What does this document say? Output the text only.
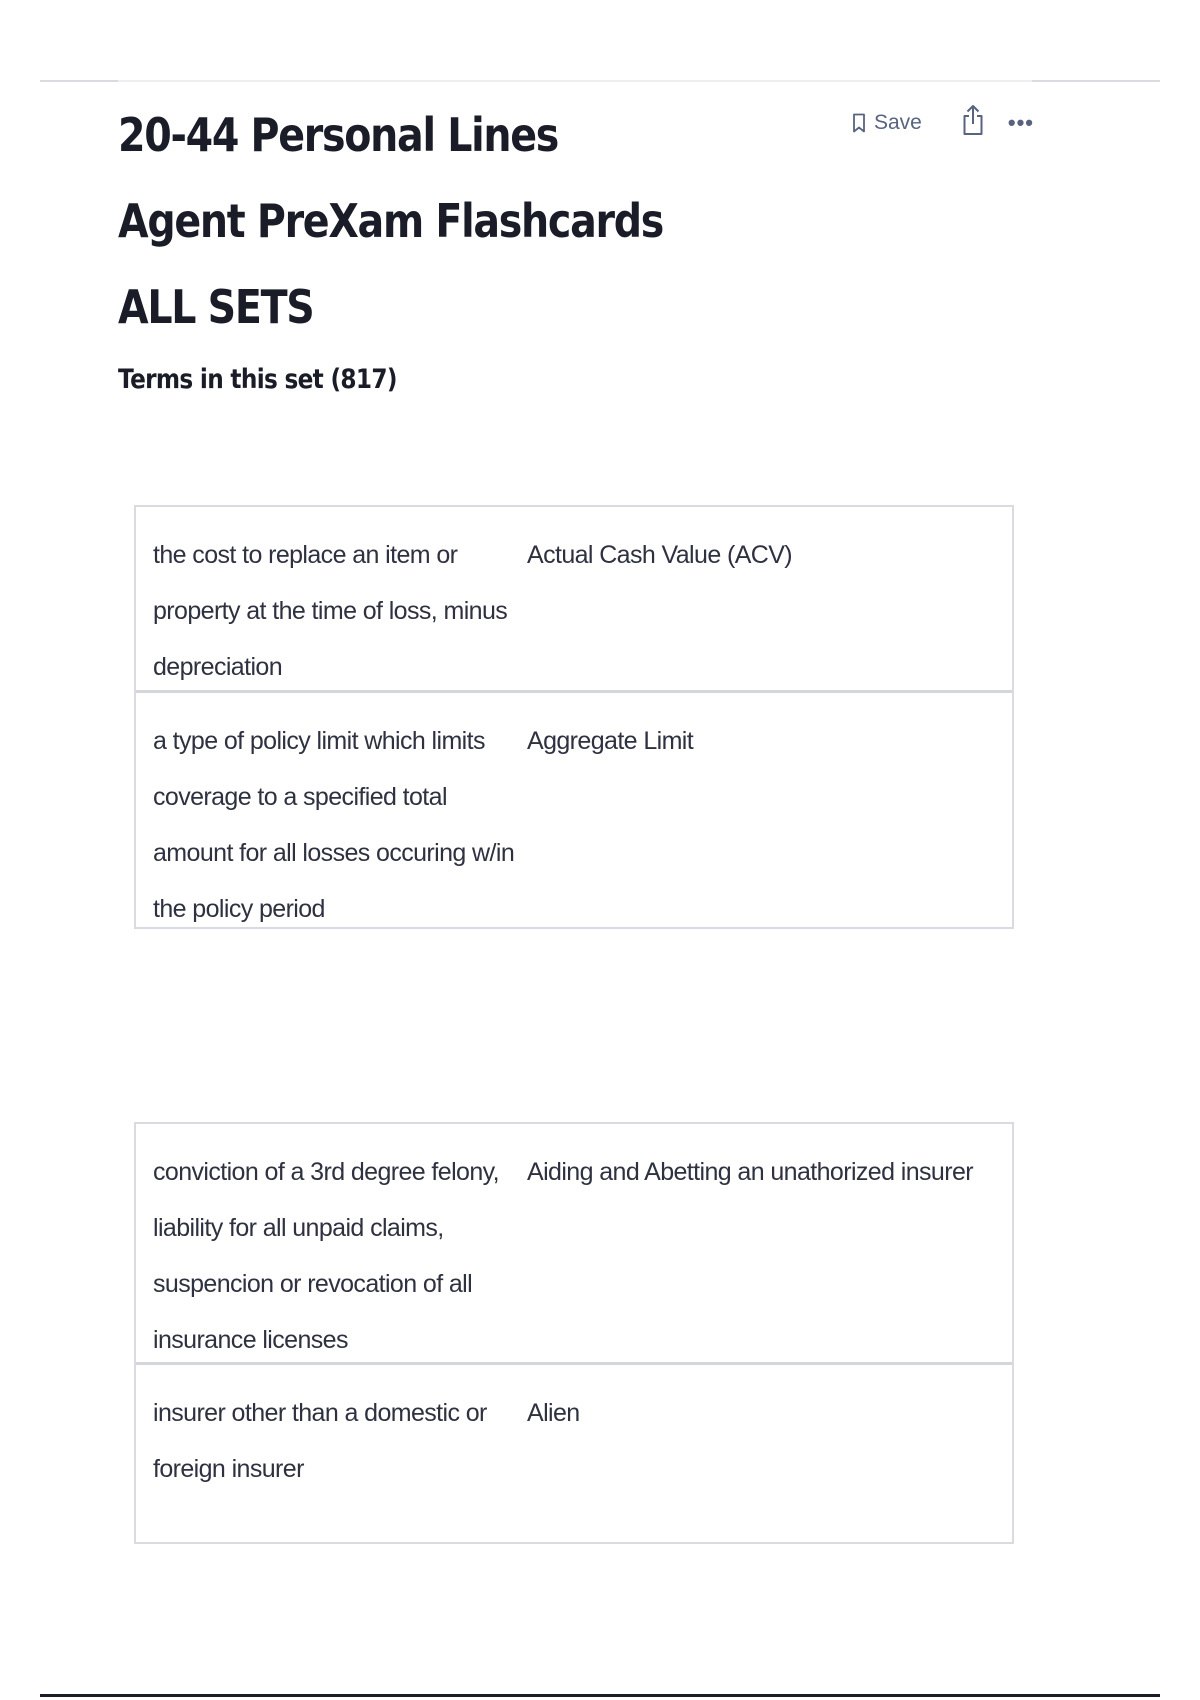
20-44 Personal Lines Agent PreXam Flashcards ALL SETS
Save	•••
Terms in this set (817)
the cost to replace an item or property at the time of loss, minus depreciation
Actual Cash Value (ACV)
a type of policy limit which limits coverage to a specified total amount for all losses occuring w/in the policy period
Aggregate Limit
conviction of a 3rd degree felony, liability for all unpaid claims, suspencion or revocation of all insurance licenses
Aiding and Abetting an unathorized insurer
insurer other than a domestic or foreign insurer
Alien
